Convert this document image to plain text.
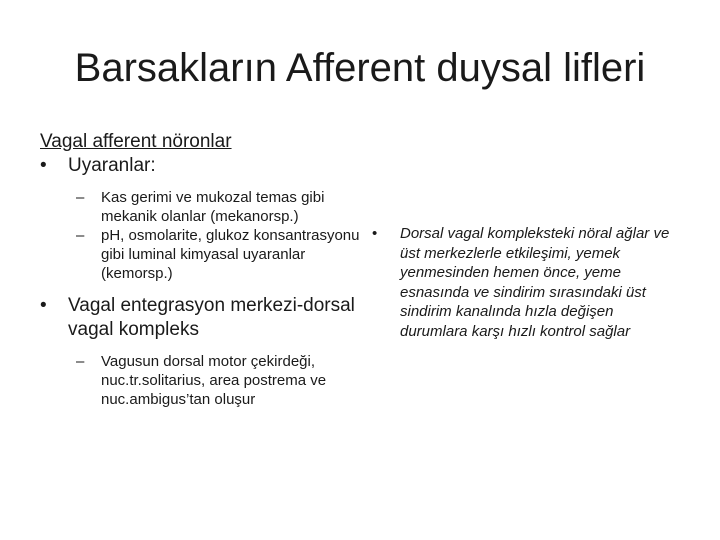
Barsakların Afferent duysal lifleri
Vagal afferent nöronlar
• Uyaranlar:
– Kas gerimi ve mukozal temas gibi mekanik olanlar (mekanorsp.)
– pH, osmolarite, glukoz konsantrasyonu gibi luminal kimyasal uyaranlar (kemorsp.)
• Vagal entegrasyon merkezi-dorsal vagal kompleks
– Vagusun dorsal motor çekirdeği, nuc.tr.solitarius, area postrema ve nuc.ambigus’tan oluşur
• Dorsal vagal kompleksteki nöral ağlar ve üst merkezlerle etkileşimi, yemek yenmesinden hemen önce, yeme esnasında ve sindirim sırasındaki üst sindirim kanalında hızla değişen durumlara karşı hızlı kontrol sağlar
